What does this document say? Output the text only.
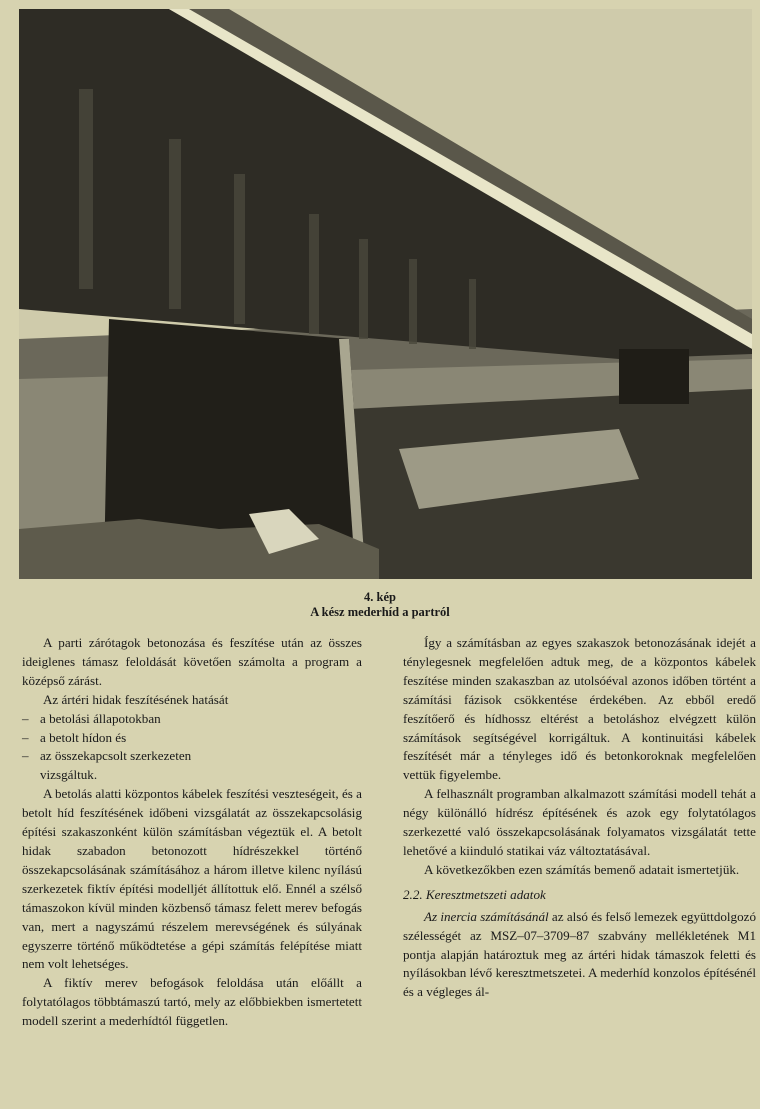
4. kép
A kész mederhíd a partról

A parti zárótagok betonozása és feszítése után az összes ideiglenes támasz feloldását követően számolta a program a középső zárást.

Az ártéri hidak feszítésének hatását

– a betolási állapotokban

– a betolt hídon és

– az összekapcsolt szerkezeten

vizsgáltuk.

A betolás alatti központos kábelek feszítési veszteségeit, és a betolt híd feszítésének időbeni vizsgálatát az összekapcsolásig építési szakaszonként külön számításban végeztük el. A betolt hidak szabadon betonozott hídrészekkel történő összekapcsolásának számításához a három illetve kilenc nyílású szerkezetek fiktív építési modelljét állítottuk elő. Ennél a szélső támaszokon kívül minden közbenső támasz felett merev befogás van, mert a nagyszámú részelem merevségének és súlyának egyszerre történő működtetése a gépi számítás felépítése miatt nem volt lehetséges.

A fiktív merev befogások feloldása után előállt a folytatólagos többtámaszú tartó, mely az előbbiekben ismertetett modell szerint a mederhídtól független.

Így a számításban az egyes szakaszok betonozásának idejét a ténylegesnek megfelelően adtuk meg, de a központos kábelek feszítése minden szakaszban az utolsóéval azonos időben történt a számítási fázisok csökkentése érdekében. Az ebből eredő feszítőerő és hídhossz eltérést a betoláshoz elvégzett külön számítások segítségével korrigáltuk. A kontinuitási kábelek feszítését már a tényleges idő és betonkoroknak megfelelően vettük figyelembe.

A felhasznált programban alkalmazott számítási modell tehát a négy különálló hídrész építésének és azok egy folytatólagos szerkezetté való összekapcsolásának folyamatos vizsgálatát tette lehetővé a kiinduló statikai váz változtatásával.

A következőkben ezen számítás bemenő adatait ismertetjük.

2.2. Keresztmetszeti adatok

Az inercia számításánál az alsó és felső lemezek együttdolgozó szélességét az MSZ–07–3709–87 szabvány mellékletének M1 pontja alapján határoztuk meg az ártéri hidak támaszok feletti és nyílásokban lévő keresztmetszetei. A mederhíd konzolos építésénél és a végleges ál-
